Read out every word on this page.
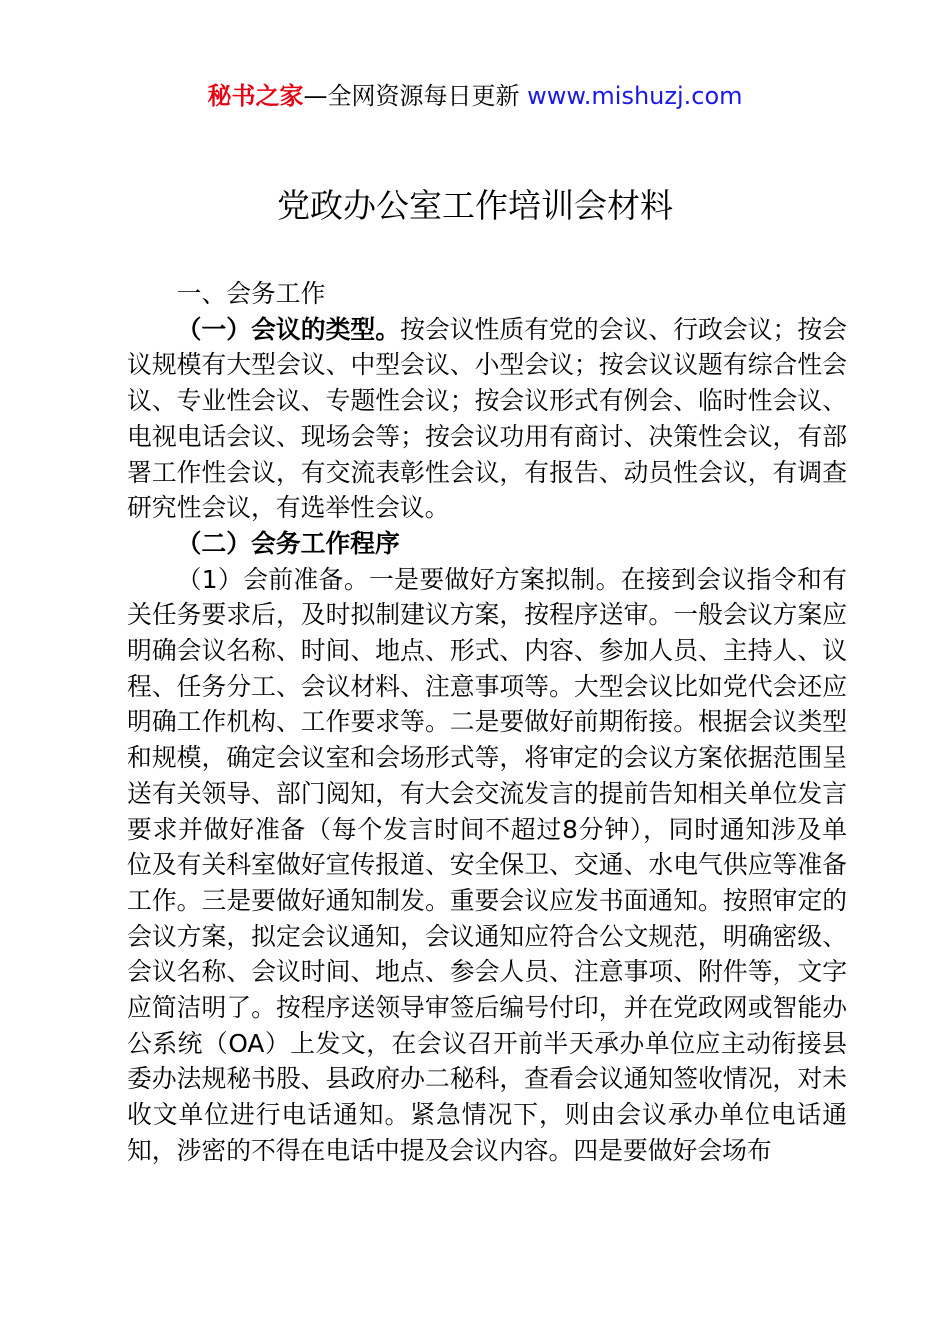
秘书之家—全网资源每日更新 www.mishuzj.com
党政办公室工作培训会材料

一、会务工作

（一）会议的类型。按会议性质有党的会议、行政会议；按会议规模有大型会议、中型会议、小型会议；按会议议题有综合性会议、专业性会议、专题性会议；按会议形式有例会、临时性会议、电视电话会议、现场会等；按会议功用有商讨、决策性会议，有部署工作性会议，有交流表彰性会议，有报告、动员性会议，有调查研究性会议，有选举性会议。

（二）会务工作程序

（1）会前准备。一是要做好方案拟制。在接到会议指令和有关任务要求后，及时拟制建议方案，按程序送审。一般会议方案应明确会议名称、时间、地点、形式、内容、参加人员、主持人、议程、任务分工、会议材料、注意事项等。大型会议比如党代会还应明确工作机构、工作要求等。二是要做好前期衔接。根据会议类型和规模，确定会议室和会场形式等，将审定的会议方案依据范围呈送有关领导、部门阅知，有大会交流发言的提前告知相关单位发言要求并做好准备（每个发言时间不超过8分钟），同时通知涉及单位及有关科室做好宣传报道、安全保卫、交通、水电气供应等准备工作。三是要做好通知制发。重要会议应发书面通知。按照审定的会议方案，拟定会议通知，会议通知应符合公文规范，明确密级、会议名称、会议时间、地点、参会人员、注意事项、附件等，文字应简洁明了。按程序送领导审签后编号付印，并在党政网或智能办公系统（OA）上发文，在会议召开前半天承办单位应主动衔接县委办法规秘书股、县政府办二秘科，查看会议通知签收情况，对未收文单位进行电话通知。紧急情况下，则由会议承办单位电话通知，涉密的不得在电话中提及会议内容。四是要做好会场布
